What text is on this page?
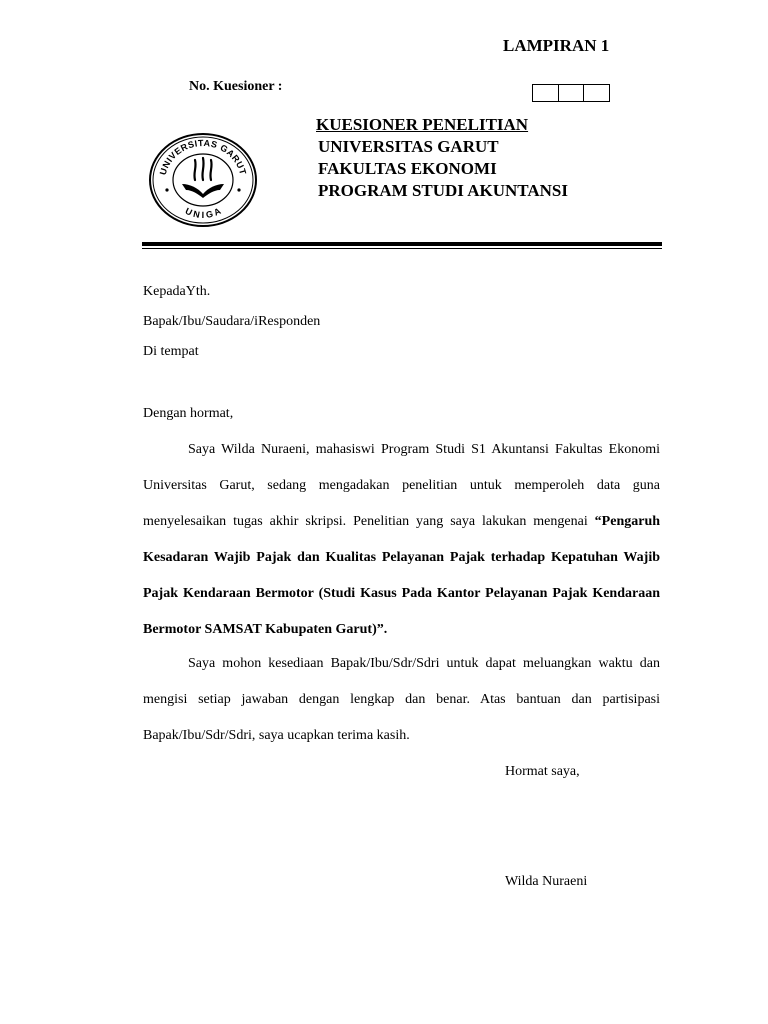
LAMPIRAN 1
No. Kuesioner :
UNIVERSITAS GARUT
U N I G A
KUESIONER PENELITIAN
UNIVERSITAS GARUT
FAKULTAS EKONOMI
PROGRAM STUDI AKUNTANSI
KepadaYth.
Bapak/Ibu/Saudara/iResponden
Di tempat
Dengan hormat,
Saya Wilda Nuraeni, mahasiswi Program Studi S1 Akuntansi Fakultas Ekonomi Universitas Garut, sedang mengadakan penelitian untuk memperoleh data guna menyelesaikan tugas akhir skripsi. Penelitian yang saya lakukan mengenai “Pengaruh Kesadaran Wajib Pajak dan Kualitas Pelayanan Pajak terhadap Kepatuhan Wajib Pajak Kendaraan Bermotor (Studi Kasus Pada Kantor Pelayanan Pajak Kendaraan Bermotor SAMSAT Kabupaten Garut)”.
Saya mohon kesediaan Bapak/Ibu/Sdr/Sdri untuk dapat meluangkan waktu dan mengisi setiap jawaban dengan lengkap dan benar. Atas bantuan dan partisipasi Bapak/Ibu/Sdr/Sdri, saya ucapkan terima kasih.
Hormat saya,
Wilda Nuraeni
